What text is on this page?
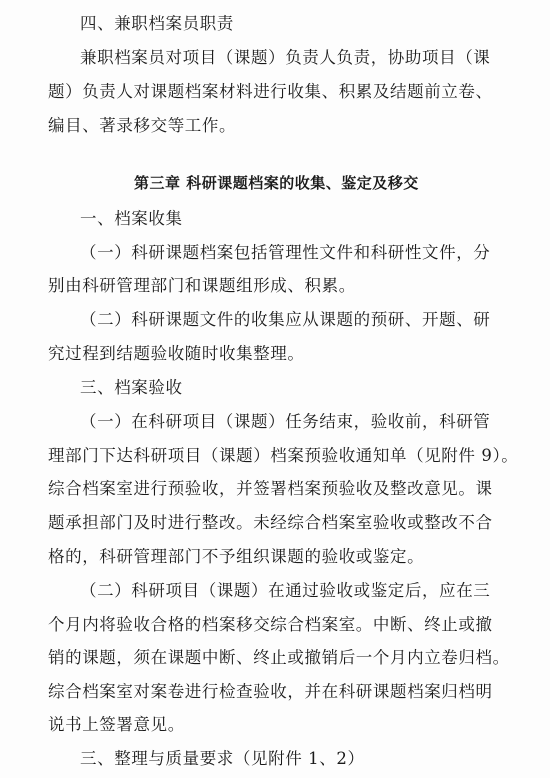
四、兼职档案员职责
兼职档案员对项目（课题）负责人负责，协助项目（课
题）负责人对课题档案材料进行收集、积累及结题前立卷、
编目、著录移交等工作。
第三章 科研课题档案的收集、鉴定及移交
一、档案收集
（一）科研课题档案包括管理性文件和科研性文件，分
别由科研管理部门和课题组形成、积累。
（二）科研课题文件的收集应从课题的预研、开题、研
究过程到结题验收随时收集整理。
三、档案验收
（一）在科研项目（课题）任务结束，验收前，科研管
理部门下达科研项目（课题）档案预验收通知单（见附件 9）。
综合档案室进行预验收，并签署档案预验收及整改意见。课
题承担部门及时进行整改。未经综合档案室验收或整改不合
格的，科研管理部门不予组织课题的验收或鉴定。
（二）科研项目（课题）在通过验收或鉴定后，应在三
个月内将验收合格的档案移交综合档案室。中断、终止或撤
销的课题，须在课题中断、终止或撤销后一个月内立卷归档。
综合档案室对案卷进行检查验收，并在科研课题档案归档明
说书上签署意见。
三、整理与质量要求（见附件 1、2）
